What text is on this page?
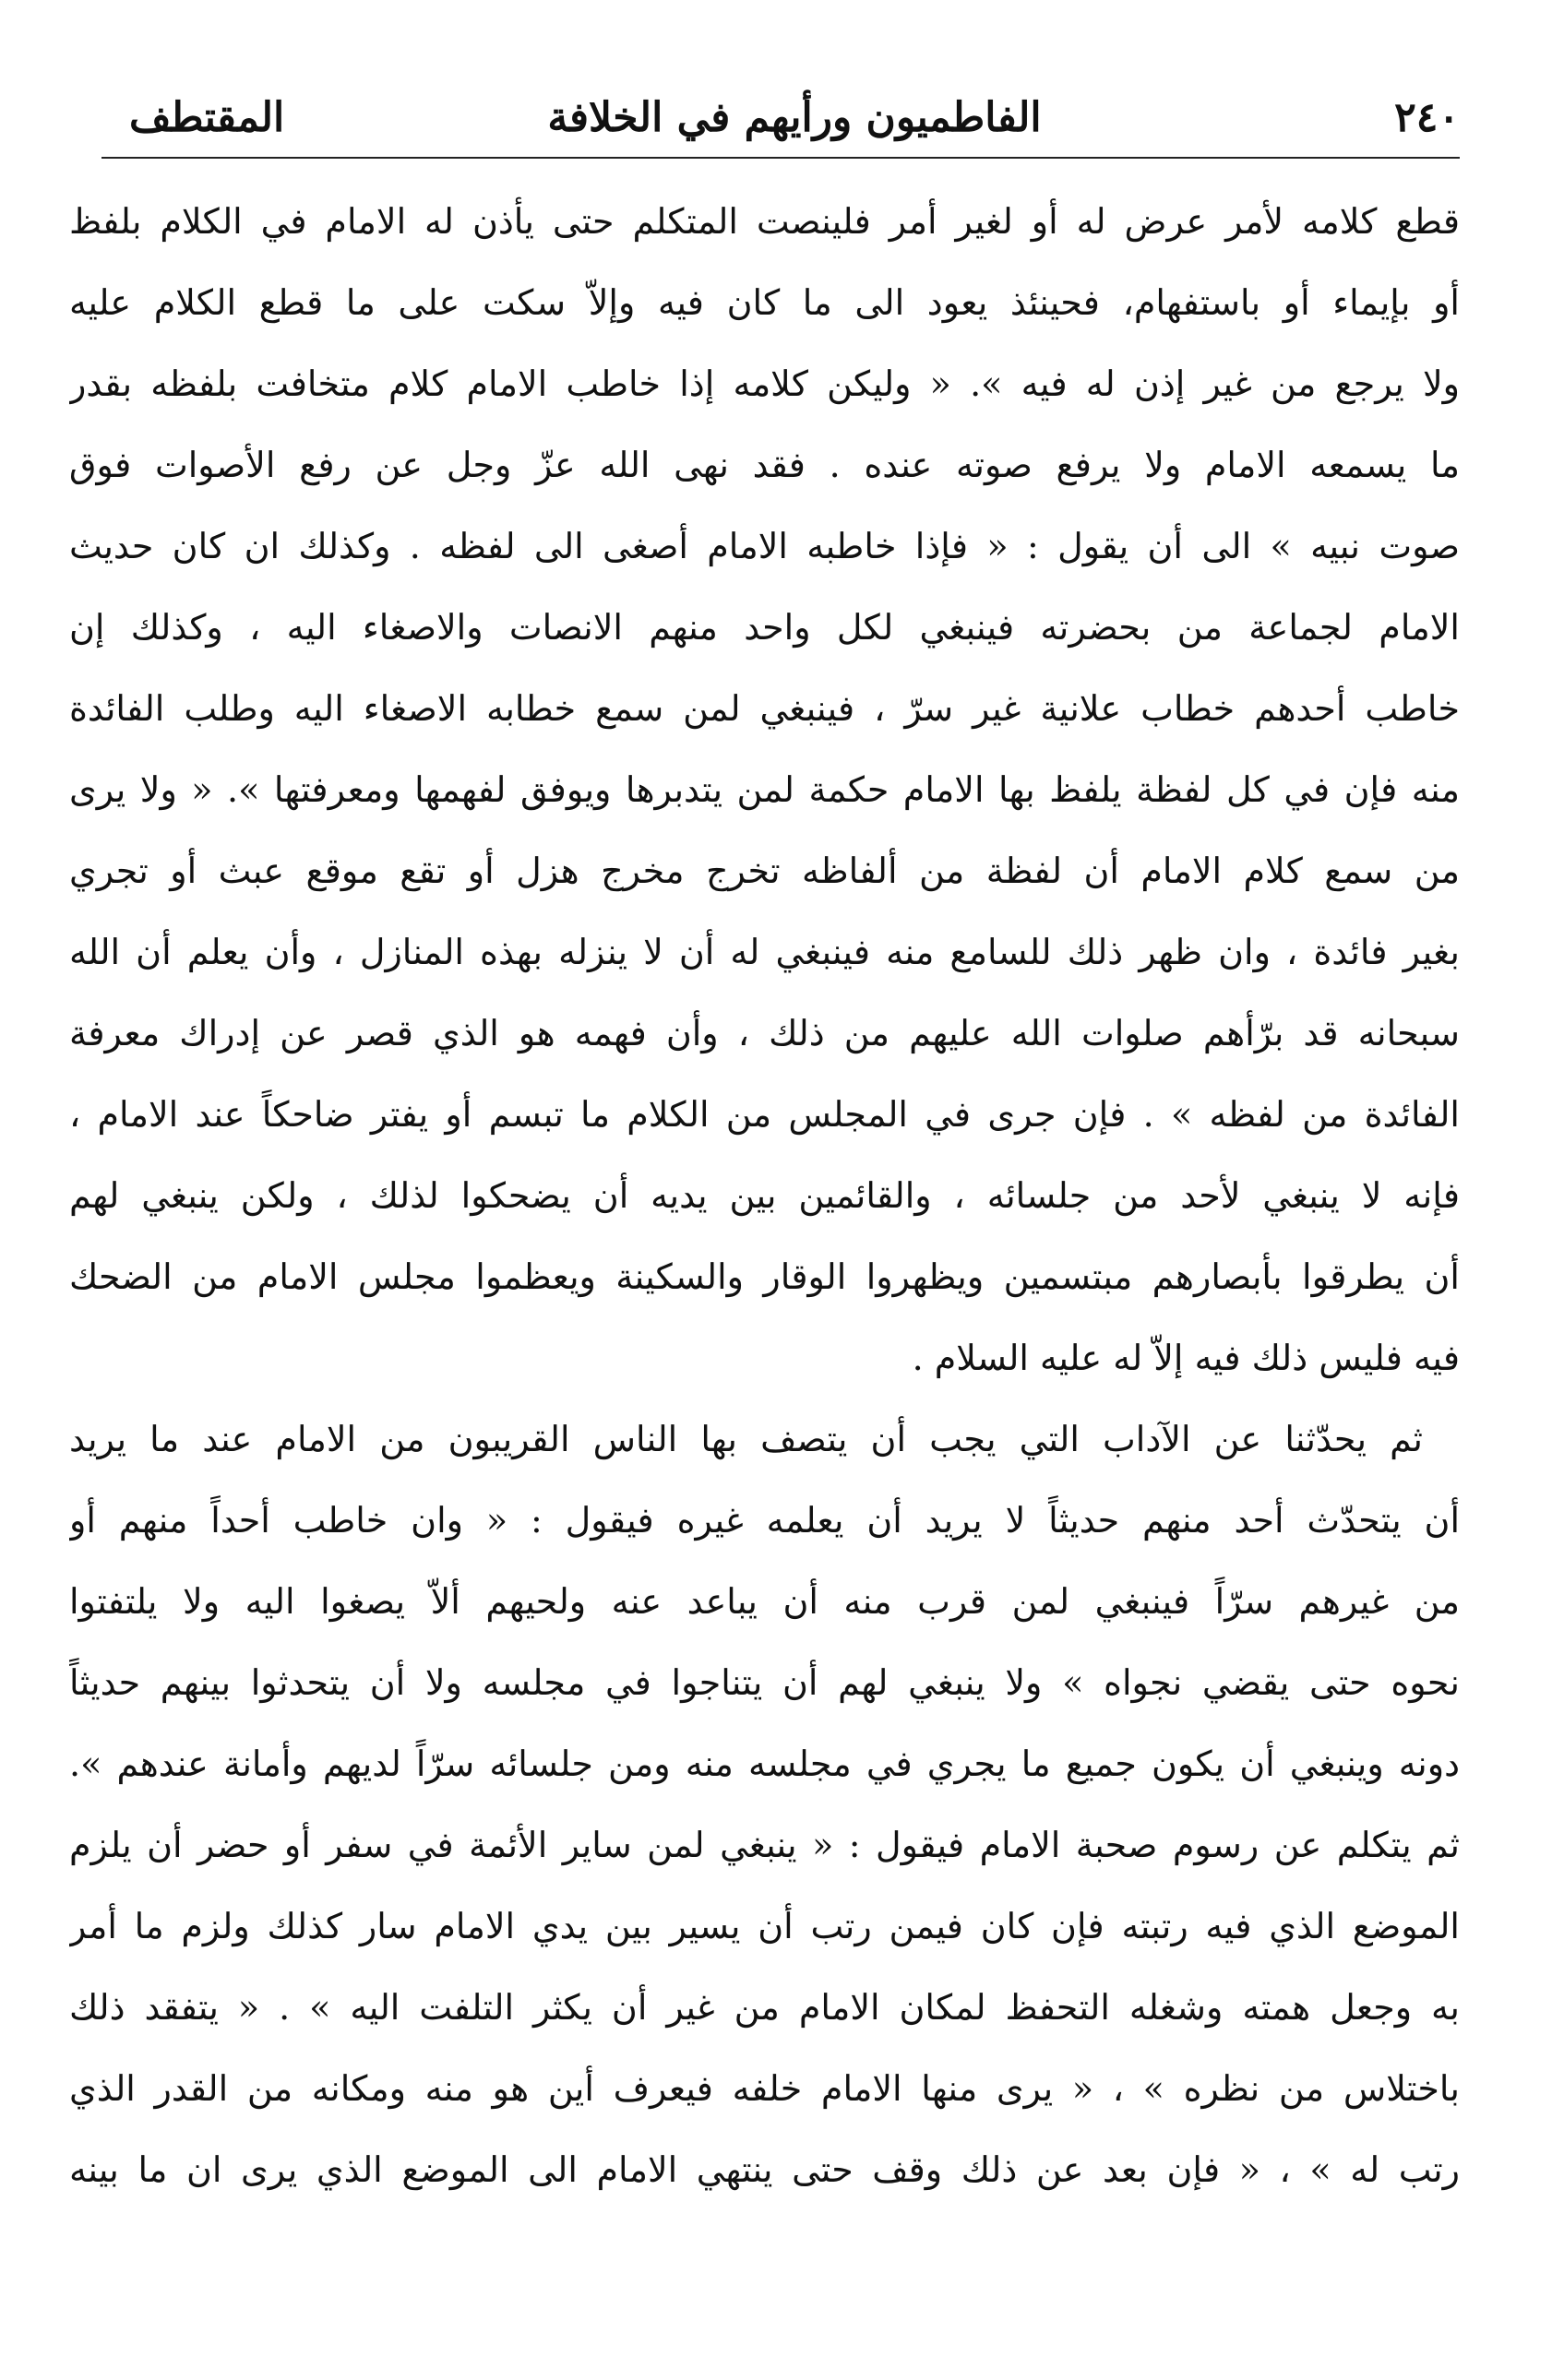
المقتطف	الفاطميون ورأيهم في الخلافة	٢٤٠
قطع كلامه لأمر عرض له أو لغير أمر فلينصت المتكلم حتى يأذن له الامام في الكلام بلفظ
أو بإيماء أو باستفهام، فحينئذ يعود الى ما كان فيه وإلاّ سكت على ما قطع الكلام عليه
ولا يرجع من غير إذن له فيه ». « وليكن كلامه إذا خاطب الامام كلام متخافت بلفظه بقدر
ما يسمعه الامام ولا يرفع صوته عنده . فقد نهى الله عزّ وجل عن رفع الأصوات فوق
صوت نبيه » الى أن يقول : « فإذا خاطبه الامام أصغى الى لفظه . وكذلك ان كان حديث
الامام لجماعة من بحضرته فينبغي لكل واحد منهم الانصات والاصغاء اليه ، وكذلك إن
خاطب أحدهم خطاب علانية غير سرّ ، فينبغي لمن سمع خطابه الاصغاء اليه وطلب الفائدة
منه فإن في كل لفظة يلفظ بها الامام حكمة لمن يتدبرها ويوفق لفهمها ومعرفتها ». « ولا يرى
من سمع كلام الامام أن لفظة من ألفاظه تخرج مخرج هزل أو تقع موقع عبث أو تجري
بغير فائدة ، وان ظهر ذلك للسامع منه فينبغي له أن لا ينزله بهذه المنازل ، وأن يعلم أن الله
سبحانه قد برّأهم صلوات الله عليهم من ذلك ، وأن فهمه هو الذي قصر عن إدراك معرفة
الفائدة من لفظه » . فإن جرى في المجلس من الكلام ما تبسم أو يفتر ضاحكاً عند الامام ،
فإنه لا ينبغي لأحد من جلسائه ، والقائمين بين يديه أن يضحكوا لذلك ، ولكن ينبغي لهم
أن يطرقوا بأبصارهم مبتسمين ويظهروا الوقار والسكينة ويعظموا مجلس الامام من الضحك
فيه فليس ذلك فيه إلاّ له عليه السلام .
ثم يحدّثنا عن الآداب التي يجب أن يتصف بها الناس القريبون من الامام عند ما يريد
أن يتحدّث أحد منهم حديثاً لا يريد أن يعلمه غيره فيقول : « وان خاطب أحداً منهم أو
من غيرهم سرّاً فينبغي لمن قرب منه أن يباعد عنه ولحيهم ألاّ يصغوا اليه ولا يلتفتوا
نحوه حتى يقضي نجواه » ولا ينبغي لهم أن يتناجوا في مجلسه ولا أن يتحدثوا بينهم حديثاً
دونه وينبغي أن يكون جميع ما يجري في مجلسه منه ومن جلسائه سرّاً لديهم وأمانة عندهم ».
ثم يتكلم عن رسوم صحبة الامام فيقول : « ينبغي لمن ساير الأئمة في سفر أو حضر أن يلزم
الموضع الذي فيه رتبته فإن كان فيمن رتب أن يسير بين يدي الامام سار كذلك ولزم ما أمر
به وجعل همته وشغله التحفظ لمكان الامام من غير أن يكثر التلفت اليه » . « يتفقد ذلك
باختلاس من نظره » ، « يرى منها الامام خلفه فيعرف أين هو منه ومكانه من القدر الذي
رتب له » ، « فإن بعد عن ذلك وقف حتى ينتهي الامام الى الموضع الذي يرى ان ما بينه
